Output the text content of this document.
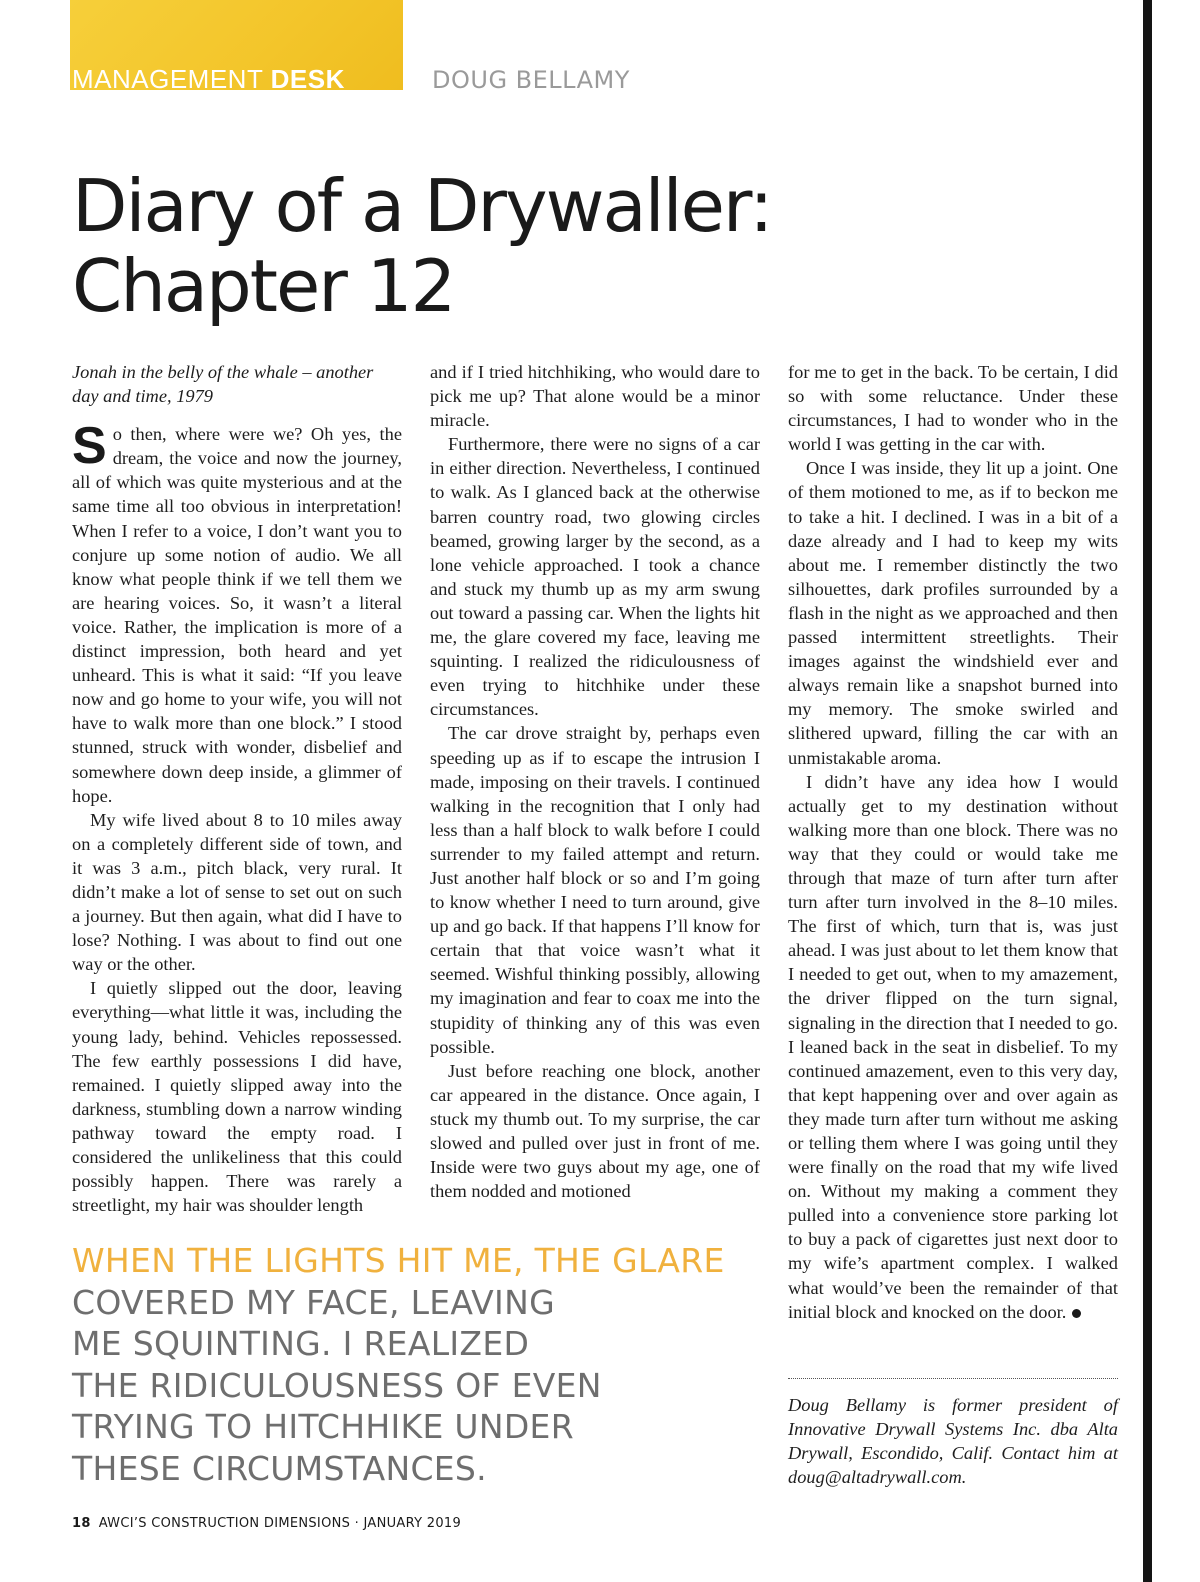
MANAGEMENT DESK	DOUG BELLAMY
Diary of a Drywaller:
Chapter 12

Jonah in the belly of the whale – another day and time, 1979

So then, where were we? Oh yes, the dream, the voice and now the journey, all of which was quite mysterious and at the same time all too obvious in interpretation! When I refer to a voice, I don’t want you to conjure up some notion of audio. We all know what people think if we tell them we are hearing voices. So, it wasn’t a literal voice. Rather, the implication is more of a distinct impression, both heard and yet unheard. This is what it said: “If you leave now and go home to your wife, you will not have to walk more than one block.” I stood stunned, struck with wonder, disbelief and somewhere down deep inside, a glimmer of hope.

My wife lived about 8 to 10 miles away on a completely different side of town, and it was 3 a.m., pitch black, very rural. It didn’t make a lot of sense to set out on such a journey. But then again, what did I have to lose? Nothing. I was about to find out one way or the other.

I quietly slipped out the door, leaving everything—what little it was, including the young lady, behind. Vehicles repossessed. The few earthly possessions I did have, remained. I quietly slipped away into the darkness, stumbling down a narrow winding pathway toward the empty road. I considered the unlikeliness that this could possibly happen. There was rarely a streetlight, my hair was shoulder length

and if I tried hitchhiking, who would dare to pick me up? That alone would be a minor miracle.

Furthermore, there were no signs of a car in either direction. Nevertheless, I continued to walk. As I glanced back at the otherwise barren country road, two glowing circles beamed, growing larger by the second, as a lone vehicle approached. I took a chance and stuck my thumb up as my arm swung out toward a passing car. When the lights hit me, the glare covered my face, leaving me squinting. I realized the ridiculousness of even trying to hitchhike under these circumstances.

The car drove straight by, perhaps even speeding up as if to escape the intrusion I made, imposing on their travels. I continued walking in the recognition that I only had less than a half block to walk before I could surrender to my failed attempt and return. Just another half block or so and I’m going to know whether I need to turn around, give up and go back. If that happens I’ll know for certain that that voice wasn’t what it seemed. Wishful thinking possibly, allowing my imagination and fear to coax me into the stupidity of thinking any of this was even possible.

Just before reaching one block, another car appeared in the distance. Once again, I stuck my thumb out. To my surprise, the car slowed and pulled over just in front of me. Inside were two guys about my age, one of them nodded and motioned

for me to get in the back. To be certain, I did so with some reluctance. Under these circumstances, I had to wonder who in the world I was getting in the car with.

Once I was inside, they lit up a joint. One of them motioned to me, as if to beckon me to take a hit. I declined. I was in a bit of a daze already and I had to keep my wits about me. I remember distinctly the two silhouettes, dark profiles surrounded by a flash in the night as we approached and then passed intermittent streetlights. Their images against the windshield ever and always remain like a snapshot burned into my memory. The smoke swirled and slithered upward, filling the car with an unmistakable aroma.

I didn’t have any idea how I would actually get to my destination without walking more than one block. There was no way that they could or would take me through that maze of turn after turn after turn after turn involved in the 8–10 miles. The first of which, turn that is, was just ahead. I was just about to let them know that I needed to get out, when to my amazement, the driver flipped on the turn signal, signaling in the direction that I needed to go. I leaned back in the seat in disbelief. To my continued amazement, even to this very day, that kept happening over and over again as they made turn after turn without me asking or telling them where I was going until they were finally on the road that my wife lived on. Without my making a comment they pulled into a convenience store parking lot to buy a pack of cigarettes just next door to my wife’s apartment complex. I walked what would’ve been the remainder of that initial block and knocked on the door.

WHEN THE LIGHTS HIT ME, THE GLARE
COVERED MY FACE, LEAVING
ME SQUINTING. I REALIZED
THE RIDICULOUSNESS OF EVEN
TRYING TO HITCHHIKE UNDER
THESE CIRCUMSTANCES.
Doug Bellamy is former president of Innovative Drywall Systems Inc. dba Alta Drywall, Escondido, Calif. Contact him at doug@altadrywall.com.
18 AWCI’S CONSTRUCTION DIMENSIONS · JANUARY 2019
